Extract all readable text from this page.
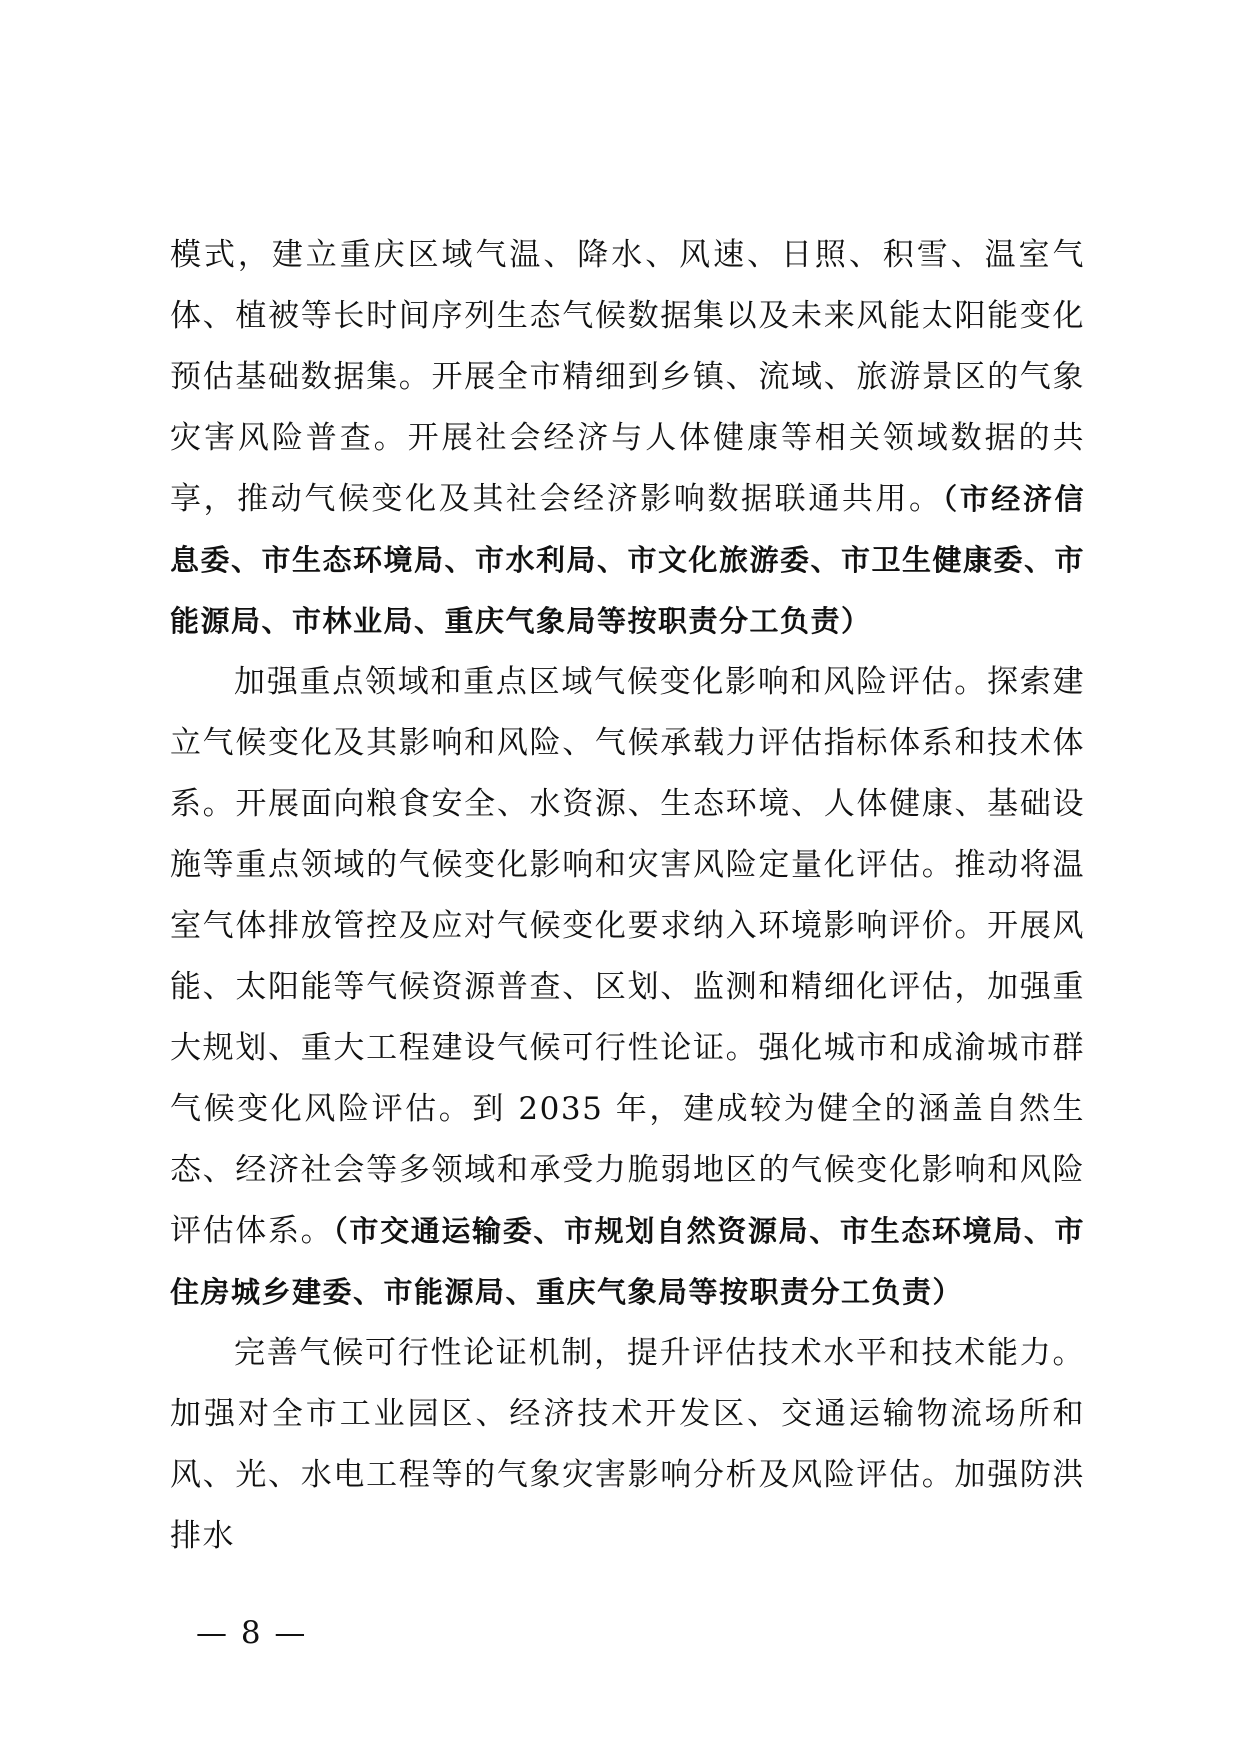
模式，建立重庆区域气温、降水、风速、日照、积雪、温室气体、植被等长时间序列生态气候数据集以及未来风能太阳能变化预估基础数据集。开展全市精细到乡镇、流域、旅游景区的气象灾害风险普查。开展社会经济与人体健康等相关领域数据的共享，推动气候变化及其社会经济影响数据联通共用。（市经济信息委、市生态环境局、市水利局、市文化旅游委、市卫生健康委、市能源局、市林业局、重庆气象局等按职责分工负责）

加强重点领域和重点区域气候变化影响和风险评估。探索建立气候变化及其影响和风险、气候承载力评估指标体系和技术体系。开展面向粮食安全、水资源、生态环境、人体健康、基础设施等重点领域的气候变化影响和灾害风险定量化评估。推动将温室气体排放管控及应对气候变化要求纳入环境影响评价。开展风能、太阳能等气候资源普查、区划、监测和精细化评估，加强重大规划、重大工程建设气候可行性论证。强化城市和成渝城市群气候变化风险评估。到 2035 年，建成较为健全的涵盖自然生态、经济社会等多领域和承受力脆弱地区的气候变化影响和风险评估体系。（市交通运输委、市规划自然资源局、市生态环境局、市住房城乡建委、市能源局、重庆气象局等按职责分工负责）

完善气候可行性论证机制，提升评估技术水平和技术能力。加强对全市工业园区、经济技术开发区、交通运输物流场所和风、光、水电工程等的气象灾害影响分析及风险评估。加强防洪排水

— 8 —
